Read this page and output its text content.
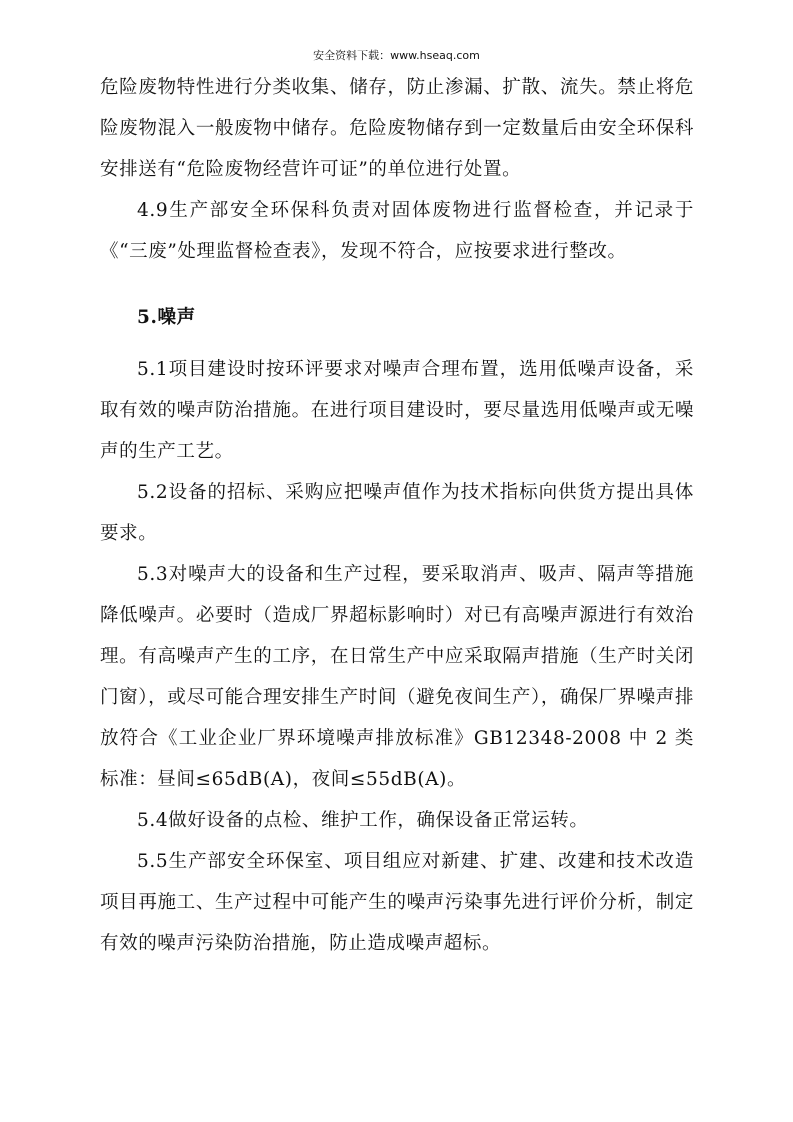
安全资料下载：www.hseaq.com

危险废物特性进行分类收集、储存，防止渗漏、扩散、流失。禁止将危险废物混入一般废物中储存。危险废物储存到一定数量后由安全环保科安排送有“危险废物经营许可证”的单位进行处置。

4.9生产部安全环保科负责对固体废物进行监督检查，并记录于《“三废”处理监督检查表》，发现不符合，应按要求进行整改。

5.噪声

5.1项目建设时按环评要求对噪声合理布置，选用低噪声设备，采取有效的噪声防治措施。在进行项目建设时，要尽量选用低噪声或无噪声的生产工艺。

5.2设备的招标、采购应把噪声值作为技术指标向供货方提出具体要求。

5.3对噪声大的设备和生产过程，要采取消声、吸声、隔声等措施降低噪声。必要时（造成厂界超标影响时）对已有高噪声源进行有效治理。有高噪声产生的工序，在日常生产中应采取隔声措施（生产时关闭门窗），或尽可能合理安排生产时间（避免夜间生产），确保厂界噪声排放符合《工业企业厂界环境噪声排放标准》GB12348-2008 中 2 类标准：昼间≤65dB(A)，夜间≤55dB(A)。

5.4做好设备的点检、维护工作，确保设备正常运转。

5.5生产部安全环保室、项目组应对新建、扩建、改建和技术改造项目再施工、生产过程中可能产生的噪声污染事先进行评价分析，制定有效的噪声污染防治措施，防止造成噪声超标。
